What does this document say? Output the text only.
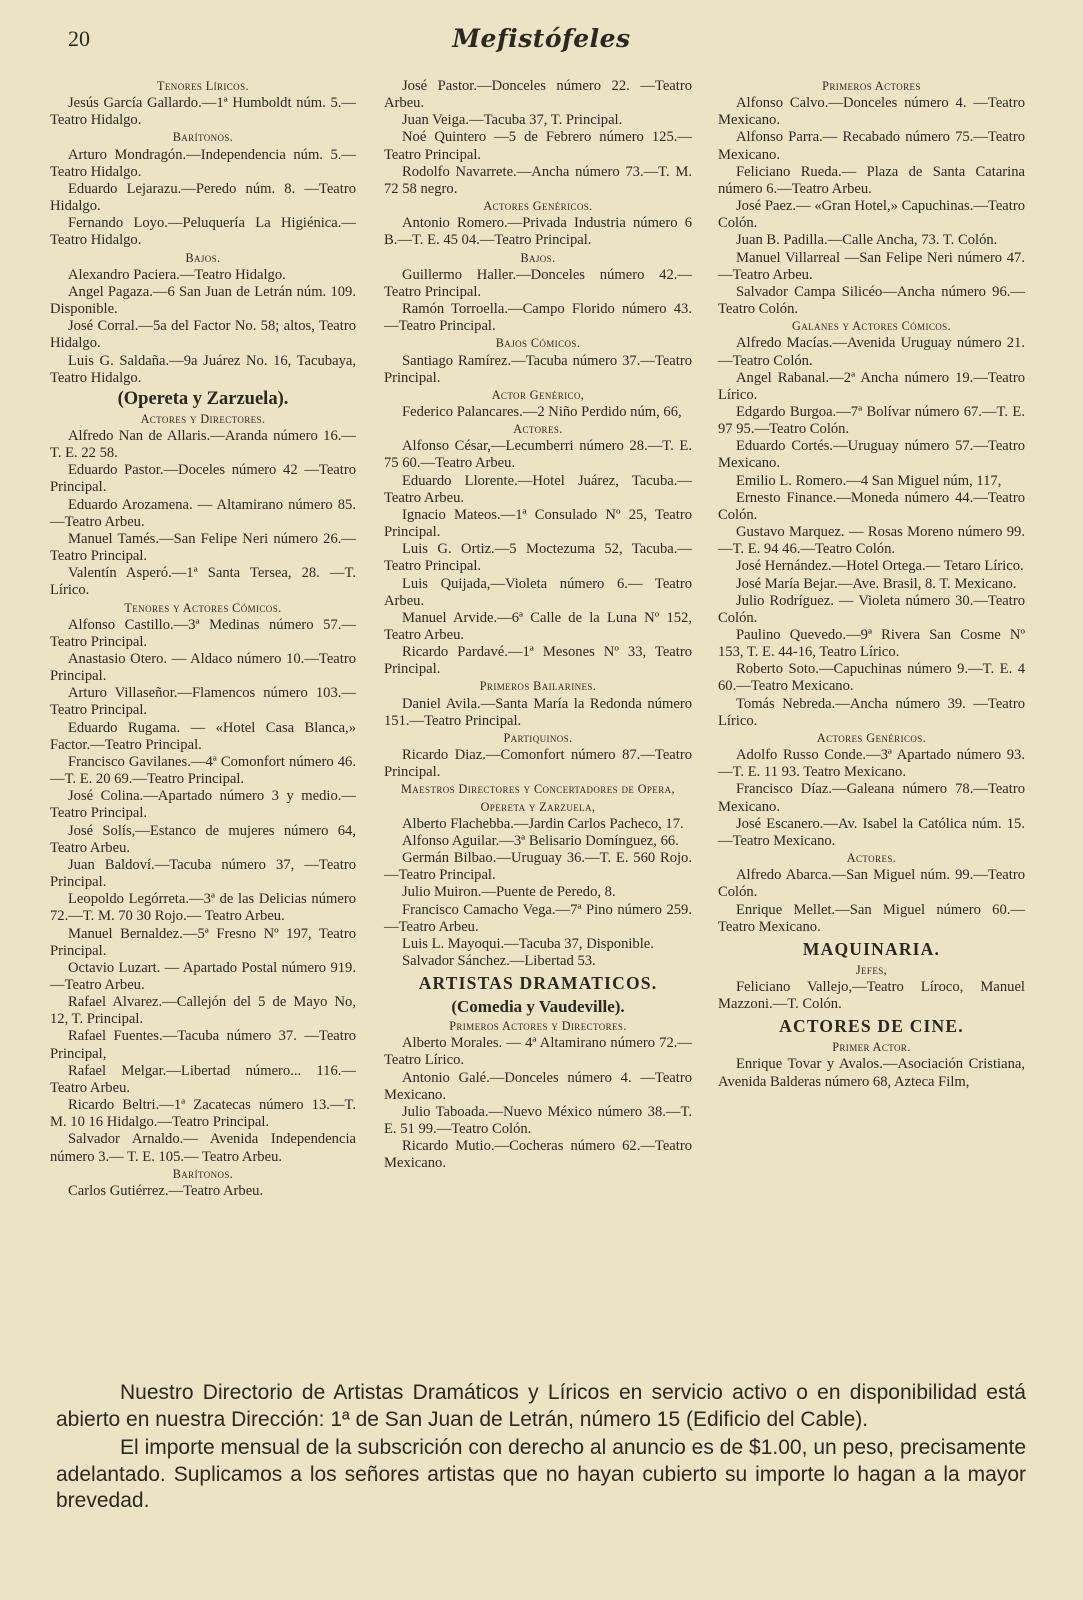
20	Mefistófeles

Tenores Líricos.

Jesús García Gallardo.—1ª Humboldt núm. 5.—Teatro Hidalgo.

Barítonos.

Arturo Mondragón.—Independencia núm. 5.—Teatro Hidalgo.

Eduardo Lejarazu.—Peredo núm. 8. —Teatro Hidalgo.

Fernando Loyo.—Peluquería La Higiénica.—Teatro Hidalgo.

Bajos.

Alexandro Paciera.—Teatro Hidalgo.

Angel Pagaza.—6 San Juan de Letrán núm. 109. Disponible.

José Corral.—5a del Factor No. 58; altos, Teatro Hidalgo.

Luis G. Saldaña.—9a Juárez No. 16, Tacubaya, Teatro Hidalgo.

(Opereta y Zarzuela).

Actores y Directores.

Alfredo Nan de Allaris.—Aranda número 16.—T. E. 22 58.

Eduardo Pastor.—Doceles número 42 —Teatro Principal.

Eduardo Arozamena. — Altamirano número 85.—Teatro Arbeu.

Manuel Tamés.—San Felipe Neri número 26.—Teatro Principal.

Valentín Asperó.—1ª Santa Tersea, 28. —T. Lírico.

Tenores y Actores Cómicos.

Alfonso Castillo.—3ª Medinas número 57.—Teatro Principal.

Anastasio Otero. — Aldaco número 10.—Teatro Principal.

Arturo Villaseñor.—Flamencos número 103.—Teatro Principal.

Eduardo Rugama. — «Hotel Casa Blanca,» Factor.—Teatro Principal.

Francisco Gavilanes.—4ª Comonfort número 46.—T. E. 20 69.—Teatro Principal.

José Colina.—Apartado número 3 y medio.—Teatro Principal.

José Solís,—Estanco de mujeres número 64, Teatro Arbeu.

Juan Baldoví.—Tacuba número 37, —Teatro Principal.

Leopoldo Legórreta.—3ª de las Delicias número 72.—T. M. 70 30 Rojo.— Teatro Arbeu.

Manuel Bernaldez.—5ª Fresno Nº 197, Teatro Principal.

Octavio Luzart. — Apartado Postal número 919.—Teatro Arbeu.

Rafael Alvarez.—Callejón del 5 de Mayo No, 12, T. Principal.

Rafael Fuentes.—Tacuba número 37. —Teatro Principal,

Rafael Melgar.—Libertad número... 116.—Teatro Arbeu.

Ricardo Beltri.—1ª Zacatecas número 13.—T. M. 10 16 Hidalgo.—Teatro Principal.

Salvador Arnaldo.— Avenida Independencia número 3.— T. E. 105.— Teatro Arbeu.

Barítonos.

Carlos Gutiérrez.—Teatro Arbeu.

José Pastor.—Donceles número 22. —Teatro Arbeu.

Juan Veiga.—Tacuba 37, T. Principal.

Noé Quintero —5 de Febrero número 125.—Teatro Principal.

Rodolfo Navarrete.—Ancha número 73.—T. M. 72 58 negro.

Actores Genéricos.

Antonio Romero.—Privada Industria número 6 B.—T. E. 45 04.—Teatro Principal.

Bajos.

Guillermo Haller.—Donceles número 42.—Teatro Principal.

Ramón Torroella.—Campo Florido número 43.—Teatro Principal.

Bajos Cómicos.

Santiago Ramírez.—Tacuba número 37.—Teatro Principal.

Actor Genérico,

Federico Palancares.—2 Niño Perdido núm, 66,

Actores.

Alfonso César,—Lecumberri número 28.—T. E. 75 60.—Teatro Arbeu.

Eduardo Llorente.—Hotel Juárez, Tacuba.—Teatro Arbeu.

Ignacio Mateos.—1ª Consulado Nº 25, Teatro Principal.

Luis G. Ortiz.—5 Moctezuma 52, Tacuba.—Teatro Principal.

Luis Quijada,—Violeta número 6.— Teatro Arbeu.

Manuel Arvide.—6ª Calle de la Luna Nº 152, Teatro Arbeu.

Ricardo Pardavé.—1ª Mesones Nº 33, Teatro Principal.

Primeros Bailarines.

Daniel Avila.—Santa María la Redonda número 151.—Teatro Principal.

Partiquinos.

Ricardo Diaz.—Comonfort número 87.—Teatro Principal.

Maestros Directores y Concertadores de Opera, Opereta y Zarzuela,

Alberto Flachebba.—Jardin Carlos Pacheco, 17.

Alfonso Aguilar.—3ª Belisario Domínguez, 66.

Germán Bilbao.—Uruguay 36.—T. E. 560 Rojo.—Teatro Principal.

Julio Muiron.—Puente de Peredo, 8.

Francisco Camacho Vega.—7ª Pino número 259.—Teatro Arbeu.

Luis L. Mayoqui.—Tacuba 37, Disponible.

Salvador Sánchez.—Libertad 53.

ARTISTAS DRAMATICOS.

(Comedia y Vaudeville).

Primeros Actores y Directores.

Alberto Morales. — 4ª Altamirano número 72.—Teatro Lírico.

Antonio Galé.—Donceles número 4. —Teatro Mexicano.

Julio Taboada.—Nuevo México número 38.—T. E. 51 99.—Teatro Colón.

Ricardo Mutio.—Cocheras número 62.—Teatro Mexicano.

Primeros Actores

Alfonso Calvo.—Donceles número 4. —Teatro Mexicano.

Alfonso Parra.— Recabado número 75.—Teatro Mexicano.

Feliciano Rueda.— Plaza de Santa Catarina número 6.—Teatro Arbeu.

José Paez.— «Gran Hotel,» Capuchinas.—Teatro Colón.

Juan B. Padilla.—Calle Ancha, 73. T. Colón.

Manuel Villarreal —San Felipe Neri número 47.—Teatro Arbeu.

Salvador Campa Silicéo—Ancha número 96.—Teatro Colón.

Galanes y Actores Cómicos.

Alfredo Macías.—Avenida Uruguay número 21.—Teatro Colón.

Angel Rabanal.—2ª Ancha número 19.—Teatro Lírico.

Edgardo Burgoa.—7ª Bolívar número 67.—T. E. 97 95.—Teatro Colón.

Eduardo Cortés.—Uruguay número 57.—Teatro Mexicano.

Emilio L. Romero.—4 San Miguel núm, 117,

Ernesto Finance.—Moneda número 44.—Teatro Colón.

Gustavo Marquez. — Rosas Moreno número 99.—T. E. 94 46.—Teatro Colón.

José Hernández.—Hotel Ortega.— Tetaro Lírico.

José María Bejar.—Ave. Brasil, 8. T. Mexicano.

Julio Rodríguez. — Violeta número 30.—Teatro Colón.

Paulino Quevedo.—9ª Rivera San Cosme Nº 153, T. E. 44-16, Teatro Lírico.

Roberto Soto.—Capuchinas número 9.—T. E. 4 60.—Teatro Mexicano.

Tomás Nebreda.—Ancha número 39. —Teatro Lírico.

Actores Genéricos.

Adolfo Russo Conde.—3ª Apartado número 93.—T. E. 11 93. Teatro Mexicano.

Francisco Díaz.—Galeana número 78.—Teatro Mexicano.

José Escanero.—Av. Isabel la Católica núm. 15.—Teatro Mexicano.

Actores.

Alfredo Abarca.—San Miguel núm. 99.—Teatro Colón.

Enrique Mellet.—San Miguel número 60.—Teatro Mexicano.

MAQUINARIA.

Jefes,

Feliciano Vallejo,—Teatro Líroco, Manuel Mazzoni.—T. Colón.

ACTORES DE CINE.

Primer Actor.

Enrique Tovar y Avalos.—Asociación Cristiana, Avenida Balderas número 68, Azteca Film,

Nuestro Directorio de Artistas Dramáticos y Líricos en servicio activo o en disponibilidad está abierto en nuestra Dirección: 1ª de San Juan de Letrán, número 15 (Edificio del Cable).

El importe mensual de la subscrición con derecho al anuncio es de $1.00, un peso, precisamente adelantado. Suplicamos a los señores artistas que no hayan cubierto su importe lo hagan a la mayor brevedad.
